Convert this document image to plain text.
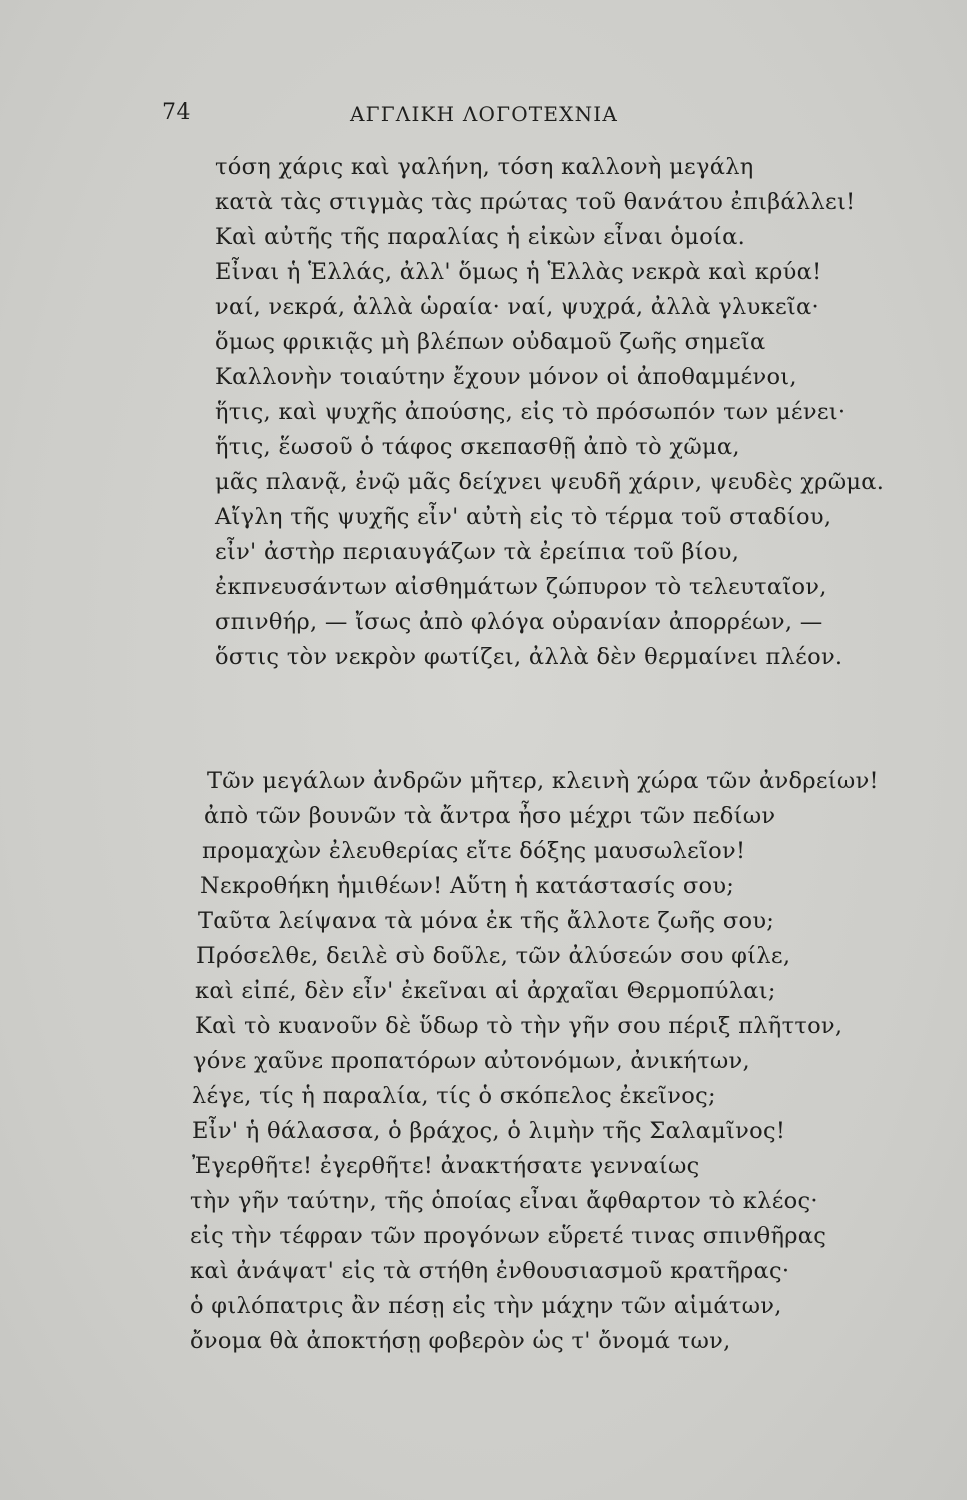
74	ΑΓΓΛΙΚΗ ΛΟΓΟΤΕΧΝΙΑ
τόση χάρις καὶ γαλήνη, τόση καλλονὴ μεγάλη
κατὰ τὰς στιγμὰς τὰς πρώτας τοῦ θανάτου ἐπιβάλλει!
Καὶ αὐτῆς τῆς παραλίας ἡ εἰκὼν εἶναι ὁμοία.
Εἶναι ἡ Ἑλλάς, ἀλλ' ὅμως ἡ Ἑλλὰς νεκρὰ καὶ κρύα!
ναί, νεκρά, ἀλλὰ ὡραία· ναί, ψυχρά, ἀλλὰ γλυκεῖα·
ὅμως φρικιᾷς μὴ βλέπων οὐδαμοῦ ζωῆς σημεῖα
Καλλονὴν τοιαύτην ἔχουν μόνον οἱ ἀποθαμμένοι,
ἥτις, καὶ ψυχῆς ἀπούσης, εἰς τὸ πρόσωπόν των μένει·
ἥτις, ἕωσοῦ ὁ τάφος σκεπασθῇ ἀπὸ τὸ χῶμα,
μᾶς πλανᾷ, ἐνῷ μᾶς δείχνει ψευδῆ χάριν, ψευδὲς χρῶμα.
Αἴγλη τῆς ψυχῆς εἶν' αὐτὴ εἰς τὸ τέρμα τοῦ σταδίου,
εἶν' ἀστὴρ περιαυγάζων τὰ ἐρείπια τοῦ βίου,
ἐκπνευσάντων αἰσθημάτων ζώπυρον τὸ τελευταῖον,
σπινθήρ, — ἴσως ἀπὸ φλόγα οὐρανίαν ἀπορρέων, —
ὅστις τὸν νεκρὸν φωτίζει, ἀλλὰ δὲν θερμαίνει πλέον.
Τῶν μεγάλων ἀνδρῶν μῆτερ, κλεινὴ χώρα τῶν ἀνδρείων!
ἀπὸ τῶν βουνῶν τὰ ἄντρα ἦσο μέχρι τῶν πεδίων
προμαχὼν ἐλευθερίας εἴτε δόξης μαυσωλεῖον!
Νεκροθήκη ἡμιθέων! Αὕτη ἡ κατάστασίς σου;
Ταῦτα λείψανα τὰ μόνα ἐκ τῆς ἄλλοτε ζωῆς σου;
Πρόσελθε, δειλὲ σὺ δοῦλε, τῶν ἀλύσεών σου φίλε,
καὶ εἰπέ, δὲν εἶν' ἐκεῖναι αἱ ἀρχαῖαι Θερμοπύλαι;
Καὶ τὸ κυανοῦν δὲ ὕδωρ τὸ τὴν γῆν σου πέριξ πλῆττον,
γόνε χαῦνε προπατόρων αὐτονόμων, ἀνικήτων,
λέγε, τίς ἡ παραλία, τίς ὁ σκόπελος ἐκεῖνος;
Εἶν' ἡ θάλασσα, ὁ βράχος, ὁ λιμὴν τῆς Σαλαμῖνος!
Ἐγερθῆτε! ἐγερθῆτε! ἀνακτήσατε γενναίως
τὴν γῆν ταύτην, τῆς ὁποίας εἶναι ἄφθαρτον τὸ κλέος·
εἰς τὴν τέφραν τῶν προγόνων εὕρετέ τινας σπινθῆρας
καὶ ἀνάψατ' εἰς τὰ στήθη ἐνθουσιασμοῦ κρατῆρας·
ὁ φιλόπατρις ἂν πέσῃ εἰς τὴν μάχην τῶν αἱμάτων,
ὄνομα θὰ ἀποκτήσῃ φοβερὸν ὡς τ' ὄνομά των,
